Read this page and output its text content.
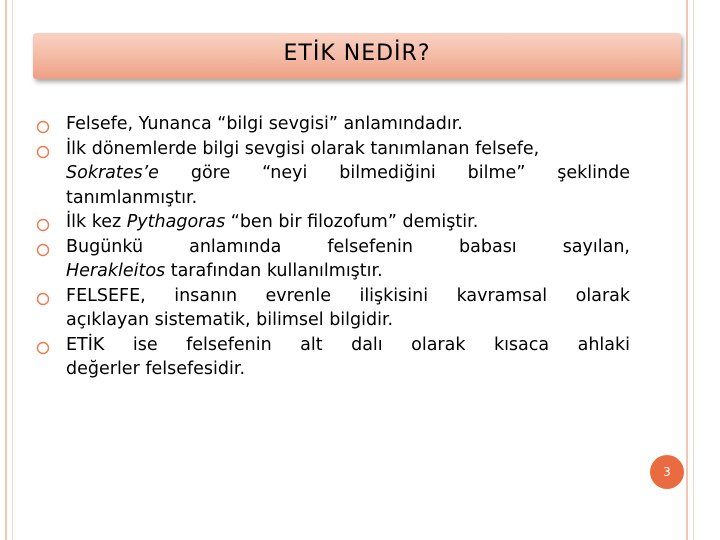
ETİK NEDİR?
Felsefe, Yunanca “bilgi sevgisi” anlamındadır.
İlk dönemlerde bilgi sevgisi olarak tanımlanan felsefe,
Sokrates’e göre “neyi bilmediğini bilme” şeklinde
tanımlanmıştır.
İlk kez Pythagoras “ben bir filozofum” demiştir.
Bugünkü anlamında felsefenin babası sayılan,
Herakleitos tarafından kullanılmıştır.
FELSEFE, insanın evrenle ilişkisini kavramsal olarak
açıklayan sistematik, bilimsel bilgidir.
ETİK ise felsefenin alt dalı olarak kısaca ahlaki
değerler felsefesidir.
3
